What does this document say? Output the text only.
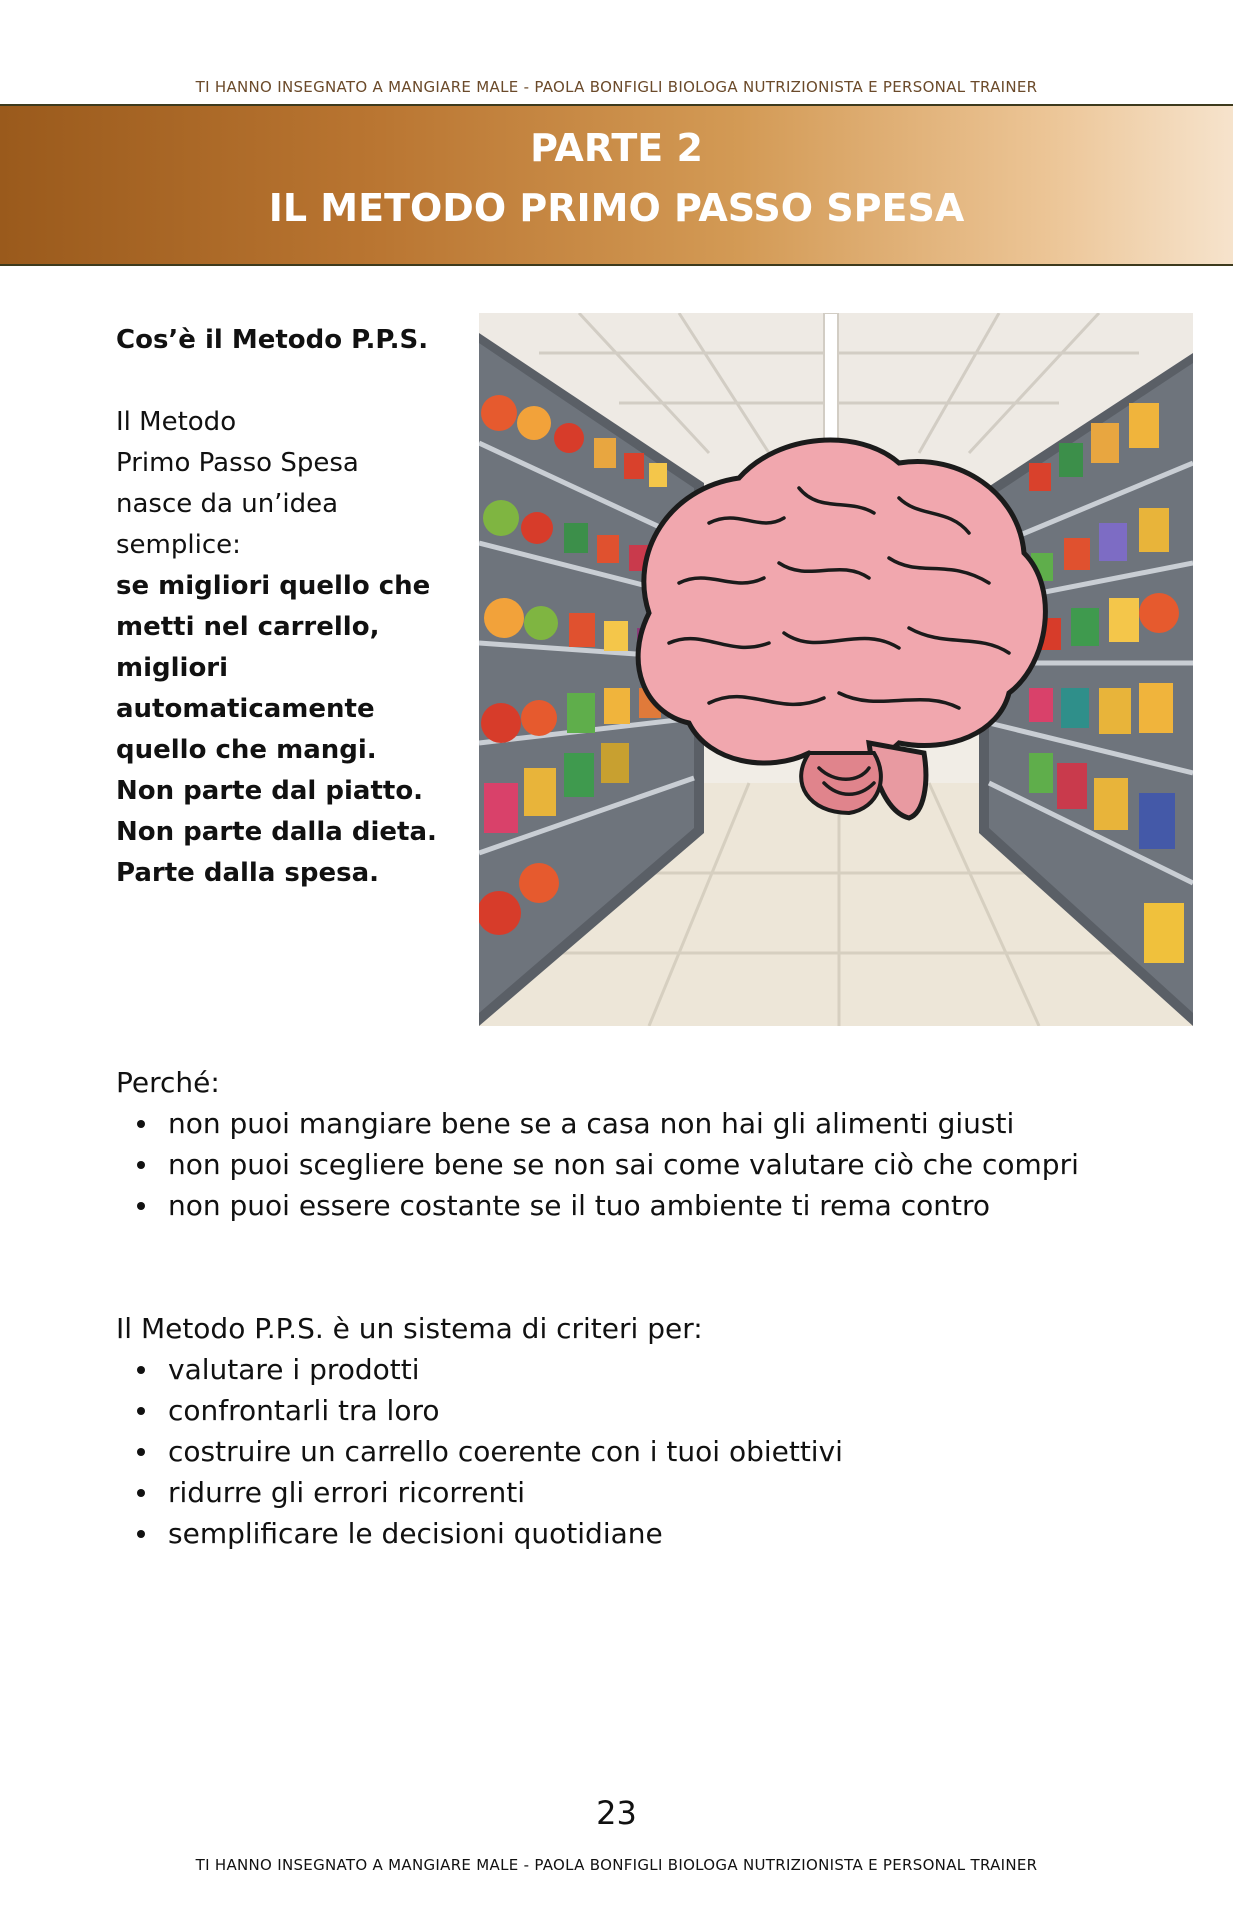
TI HANNO INSEGNATO A MANGIARE MALE - PAOLA BONFIGLI BIOLOGA NUTRIZIONISTA E PERSONAL TRAINER
PARTE 2
IL METODO PRIMO PASSO SPESA
Cos’è il Metodo P.P.S.
Il Metodo
Primo Passo Spesa
nasce da un’idea
semplice:
se migliori quello che
metti nel carrello,
migliori
automaticamente
quello che mangi.
Non parte dal piatto.
Non parte dalla dieta.
Parte dalla spesa.
Perché:
non puoi mangiare bene se a casa non hai gli alimenti giusti
non puoi scegliere bene se non sai come valutare ciò che compri
non puoi essere costante se il tuo ambiente ti rema contro
Il Metodo P.P.S. è un sistema di criteri per:
valutare i prodotti
confrontarli tra loro
costruire un carrello coerente con i tuoi obiettivi
ridurre gli errori ricorrenti
semplificare le decisioni quotidiane
23
TI HANNO INSEGNATO A MANGIARE MALE - PAOLA BONFIGLI BIOLOGA NUTRIZIONISTA E PERSONAL TRAINER
